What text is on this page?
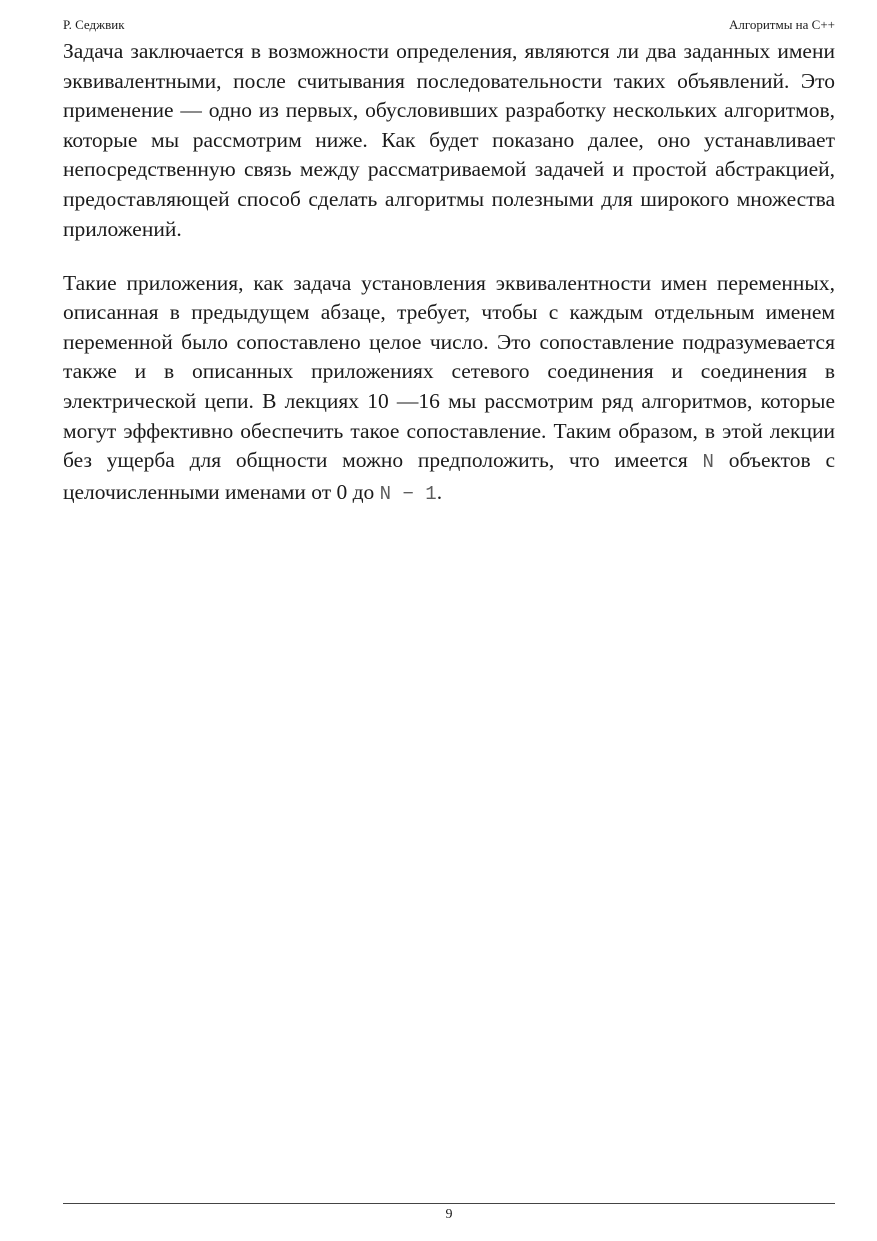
Р. Седжвик	Алгоритмы на C++

Задача заключается в возможности определения, являются ли два заданных имени эквивалентными, после считывания последовательности таких объявлений. Это применение — одно из первых, обусловивших разработку нескольких алгоритмов, которые мы рассмотрим ниже. Как будет показано далее, оно устанавливает непосредственную связь между рассматриваемой задачей и простой абстракцией, предоставляющей способ сделать алгоритмы полезными для широкого множества приложений.

Такие приложения, как задача установления эквивалентности имен переменных, описанная в предыдущем абзаце, требует, чтобы с каждым отдельным именем переменной было сопоставлено целое число. Это сопоставление подразумевается также и в описанных приложениях сетевого соединения и соединения в электрической цепи. В лекциях 10 —16 мы рассмотрим ряд алгоритмов, которые могут эффективно обеспечить такое сопоставление. Таким образом, в этой лекции без ущерба для общности можно предположить, что имеется N объектов с целочисленными именами от 0 до N − 1.

9
